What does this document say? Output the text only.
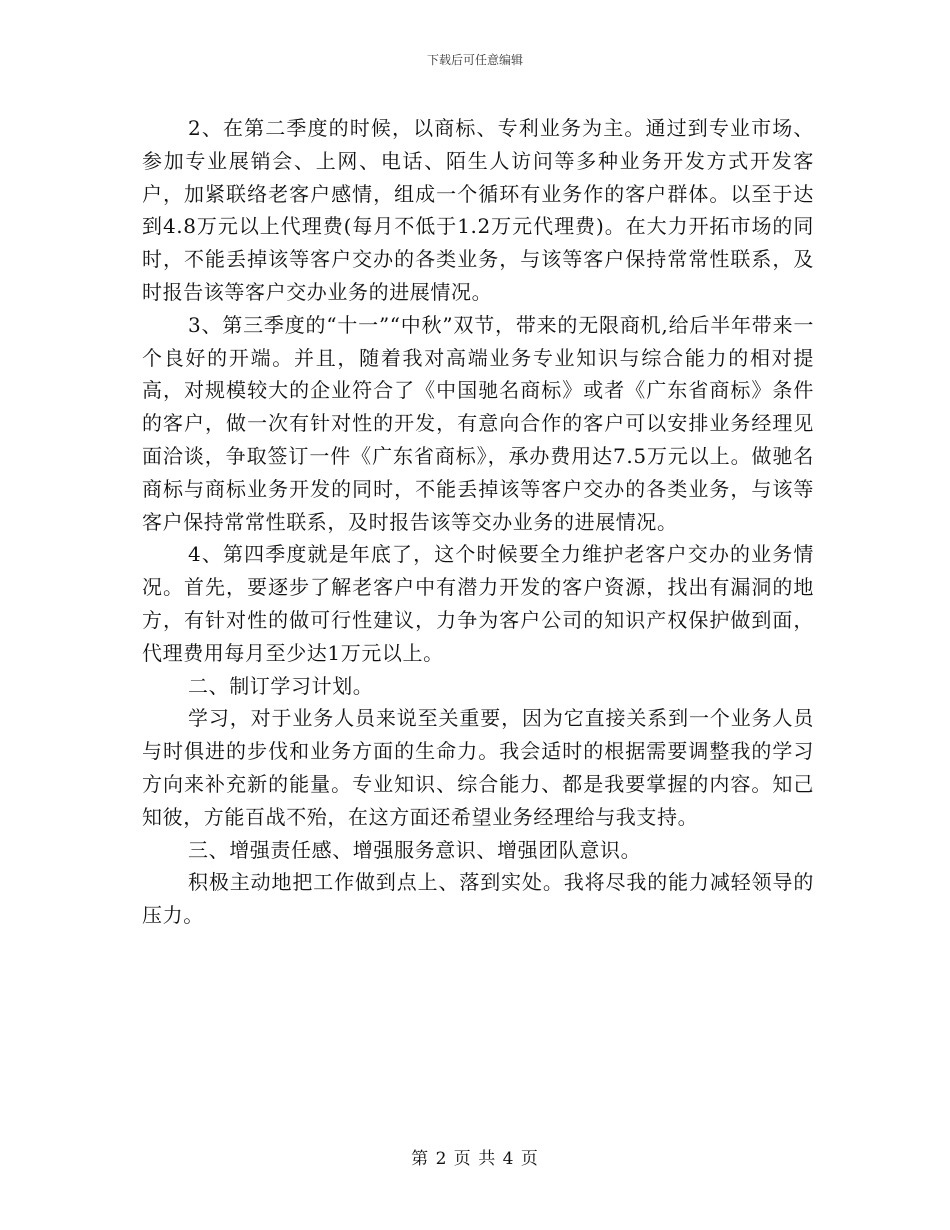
下载后可任意编辑

2、在第二季度的时候，以商标、专利业务为主。通过到专业市场、参加专业展销会、上网、电话、陌生人访问等多种业务开发方式开发客户，加紧联络老客户感情，组成一个循环有业务作的客户群体。以至于达到4.8万元以上代理费(每月不低于1.2万元代理费)。在大力开拓市场的同时，不能丢掉该等客户交办的各类业务，与该等客户保持常常性联系，及时报告该等客户交办业务的进展情况。

3、第三季度的“十一”“中秋”双节，带来的无限商机,给后半年带来一个良好的开端。并且，随着我对高端业务专业知识与综合能力的相对提高，对规模较大的企业符合了《中国驰名商标》或者《广东省商标》条件的客户，做一次有针对性的开发，有意向合作的客户可以安排业务经理见面洽谈，争取签订一件《广东省商标》，承办费用达7.5万元以上。做驰名商标与商标业务开发的同时，不能丢掉该等客户交办的各类业务，与该等客户保持常常性联系，及时报告该等交办业务的进展情况。

4、第四季度就是年底了，这个时候要全力维护老客户交办的业务情况。首先，要逐步了解老客户中有潜力开发的客户资源，找出有漏洞的地方，有针对性的做可行性建议，力争为客户公司的知识产权保护做到面，代理费用每月至少达1万元以上。

二、制订学习计划。

学习，对于业务人员来说至关重要，因为它直接关系到一个业务人员与时俱进的步伐和业务方面的生命力。我会适时的根据需要调整我的学习方向来补充新的能量。专业知识、综合能力、都是我要掌握的内容。知己知彼，方能百战不殆，在这方面还希望业务经理给与我支持。

三、增强责任感、增强服务意识、增强团队意识。

积极主动地把工作做到点上、落到实处。我将尽我的能力减轻领导的压力。

第 2 页 共 4 页
